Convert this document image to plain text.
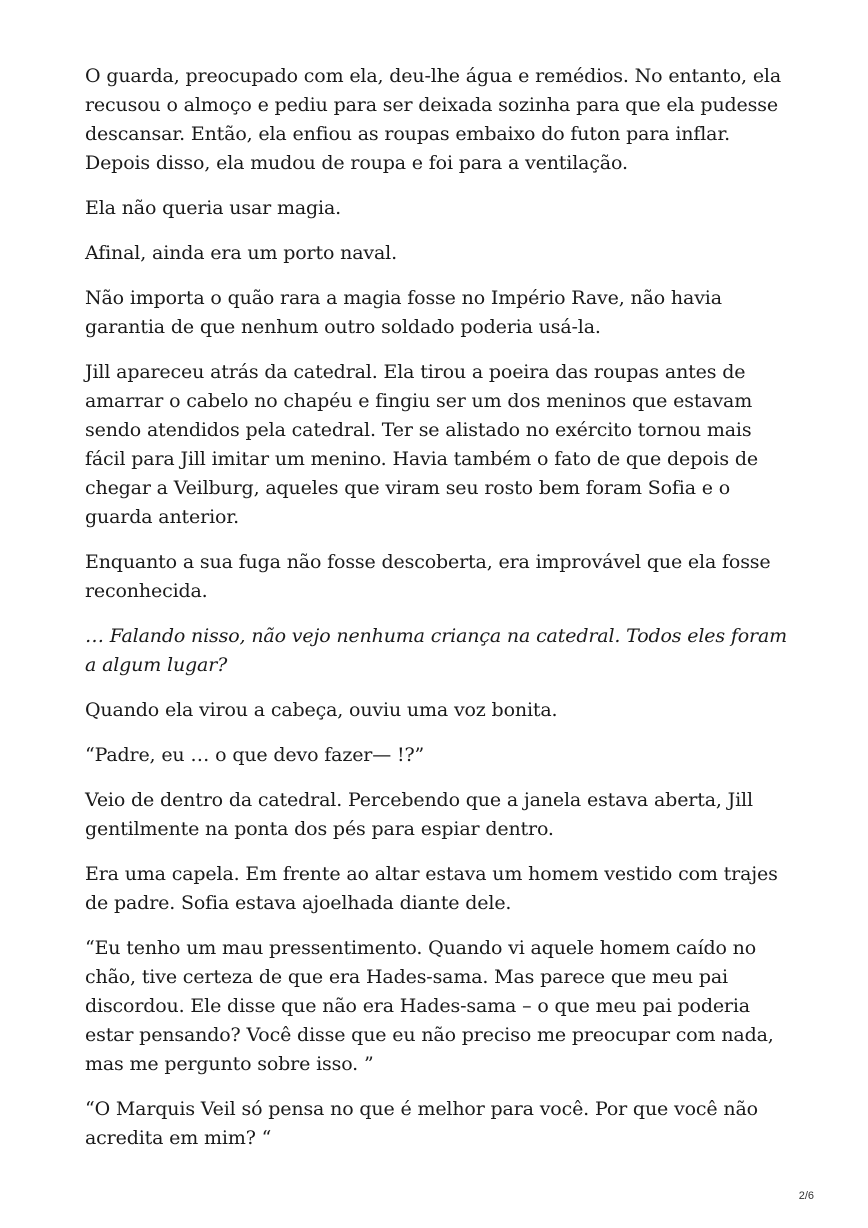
O guarda, preocupado com ela, deu-lhe água e remédios. No entanto, ela recusou o almoço e pediu para ser deixada sozinha para que ela pudesse descansar. Então, ela enfiou as roupas embaixo do futon para inflar. Depois disso, ela mudou de roupa e foi para a ventilação.

Ela não queria usar magia.

Afinal, ainda era um porto naval.

Não importa o quão rara a magia fosse no Império Rave, não havia garantia de que nenhum outro soldado poderia usá-la.

Jill apareceu atrás da catedral. Ela tirou a poeira das roupas antes de amarrar o cabelo no chapéu e fingiu ser um dos meninos que estavam sendo atendidos pela catedral. Ter se alistado no exército tornou mais fácil para Jill imitar um menino. Havia também o fato de que depois de chegar a Veilburg, aqueles que viram seu rosto bem foram Sofia e o guarda anterior.

Enquanto a sua fuga não fosse descoberta, era improvável que ela fosse reconhecida.

… Falando nisso, não vejo nenhuma criança na catedral. Todos eles foram a algum lugar?

Quando ela virou a cabeça, ouviu uma voz bonita.

“Padre, eu … o que devo fazer— !?”

Veio de dentro da catedral. Percebendo que a janela estava aberta, Jill gentilmente na ponta dos pés para espiar dentro.

Era uma capela. Em frente ao altar estava um homem vestido com trajes de padre. Sofia estava ajoelhada diante dele.

“Eu tenho um mau pressentimento. Quando vi aquele homem caído no chão, tive certeza de que era Hades-sama. Mas parece que meu pai discordou. Ele disse que não era Hades-sama – o que meu pai poderia estar pensando? Você disse que eu não preciso me preocupar com nada, mas me pergunto sobre isso. ”

“O Marquis Veil só pensa no que é melhor para você. Por que você não acredita em mim? “

2/6
